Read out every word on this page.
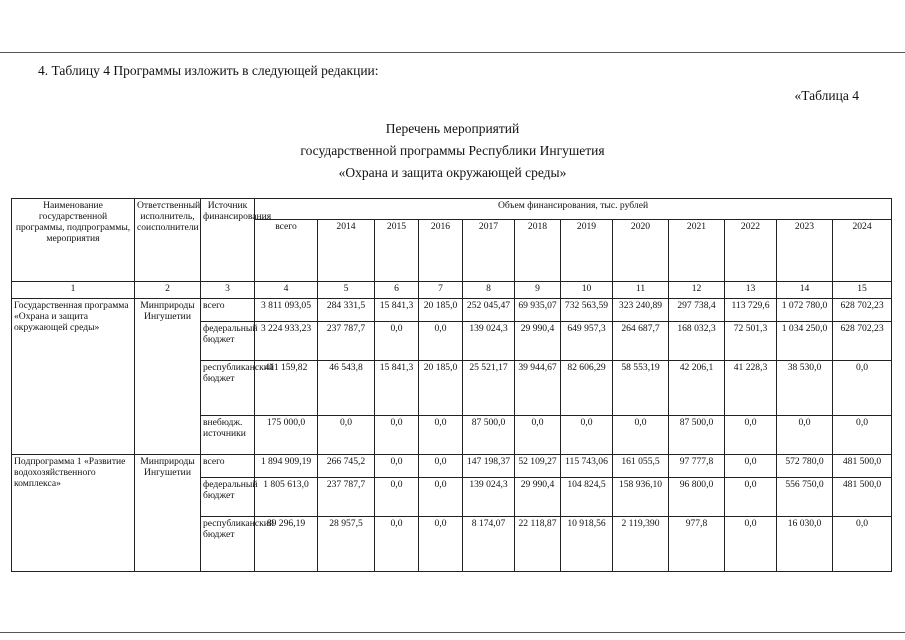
4. Таблицу 4 Программы изложить в следующей редакции:
«Таблица 4
Перечень мероприятий
государственной программы Республики Ингушетия
«Охрана и защита окружающей среды»
Наименование государственной программы, подпрограммы, мероприятия	Ответственный исполнитель, соисполнители	Источник финансирования	Объем финансирования, тыс. рублей											
			всего	2014	2015	2016	2017	2018	2019	2020	2021	2022	2023	2024
1	2	3	4	5	6	7	8	9	10	11	12	13	14	15
Государственная программа «Охрана и защита окружающей среды»	Минприроды Ингушетии	всего	3 811 093,05	284 331,5	15 841,3	20 185,0	252 045,47	69 935,07	732 563,59	323 240,89	297 738,4	113 729,6	1 072 780,0	628 702,23
		федеральный бюджет	3 224 933,23	237 787,7	0,0	0,0	139 024,3	29 990,4	649 957,3	264 687,7	168 032,3	72 501,3	1 034 250,0	628 702,23
		республиканский бюджет	411 159,82	46 543,8	15 841,3	20 185,0	25 521,17	39 944,67	82 606,29	58 553,19	42 206,1	41 228,3	38 530,0	0,0
		внебюдж. источники	175 000,0	0,0	0,0	0,0	87 500,0	0,0	0,0	0,0	87 500,0	0,0	0,0	0,0
Подпрограмма 1 «Развитие водохозяйственного комплекса»	Минприроды Ингушетии	всего	1 894 909,19	266 745,2	0,0	0,0	147 198,37	52 109,27	115 743,06	161 055,5	97 777,8	0,0	572 780,0	481 500,0
		федеральный бюджет	1 805 613,0	237 787,7	0,0	0,0	139 024,3	29 990,4	104 824,5	158 936,10	96 800,0	0,0	556 750,0	481 500,0
		республиканский бюджет	89 296,19	28 957,5	0,0	0,0	8 174,07	22 118,87	10 918,56	2 119,390	977,8	0,0	16 030,0	0,0
